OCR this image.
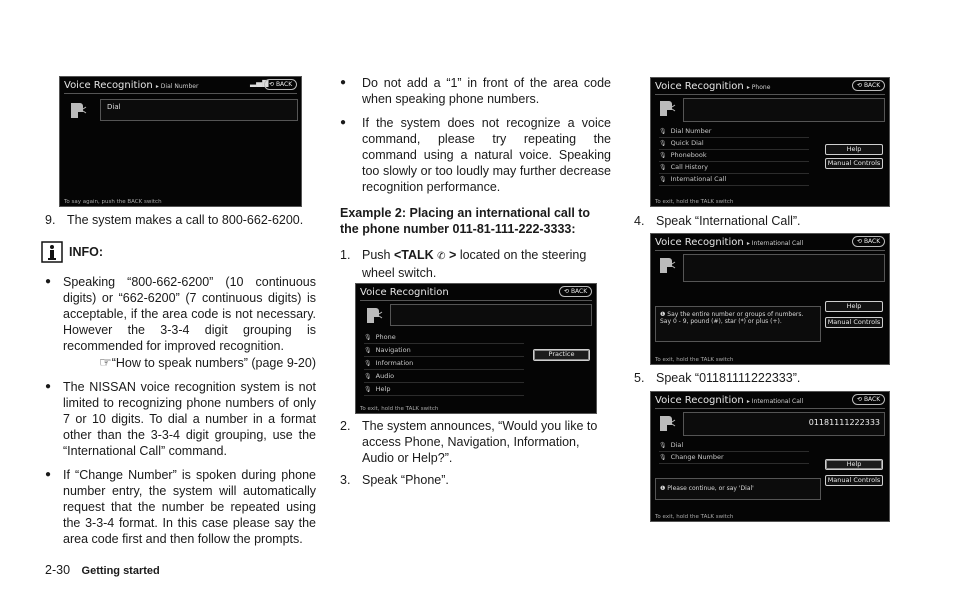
Voice Recognition ▸ Dial Number	▂▄▆ ⟲ BACK
Dial
To say again, push the BACK switch
9. The system makes a call to 800-662-6200.
INFO:
● Speaking “800-662-6200” (10 continuous digits) or “662-6200” (7 continuous digits) is acceptable, if the area code is not necessary. However the 3-3-4 digit grouping is recommended for improved recognition.
☞“How to speak numbers” (page 9-20)
● The NISSAN voice recognition system is not limited to recognizing phone numbers of only 7 or 10 digits. To dial a number in a format other than the 3-3-4 digit grouping, use the “International Call” command.
● If “Change Number” is spoken during phone number entry, the system will automatically request that the number be repeated using the 3-3-4 format. In this case please say the area code first and then follow the prompts.
●	Do not add a “1” in front of the area code when speaking phone numbers.
●	If the system does not recognize a voice command, please try repeating the command using a natural voice. Speaking too slowly or too loudly may further decrease recognition performance.
Example 2: Placing an international call to the phone number 011-81-111-222-3333:
1. Push <TALK ✆ > located on the steering wheel switch.
Voice Recognition	⟲ BACK
🎙 Phone
🎙 Navigation
🎙 Information
🎙 Audio
🎙 Help
Practice
To exit, hold the TALK switch
2. The system announces, “Would you like to access Phone, Navigation, Information, Audio or Help?”.
3. Speak “Phone”.
Voice Recognition ▸ Phone	⟲ BACK
🎙 Dial Number
🎙 Quick Dial
🎙 Phonebook
🎙 Call History
🎙 International Call
Help
Manual Controls
To exit, hold the TALK switch
4. Speak “International Call”.
Voice Recognition ▸ International Call	⟲ BACK
❶ Say the entire number or groups of numbers. Say 0 - 9, pound (#), star (*) or plus (+).
Help
Manual Controls
To exit, hold the TALK switch
5. Speak “01181111222333”.
Voice Recognition ▸ International Call	⟲ BACK
01181111222333
🎙 Dial
🎙 Change Number
❶ Please continue, or say 'Dial'
Help
Manual Controls
To exit, hold the TALK switch
2-30 Getting started
